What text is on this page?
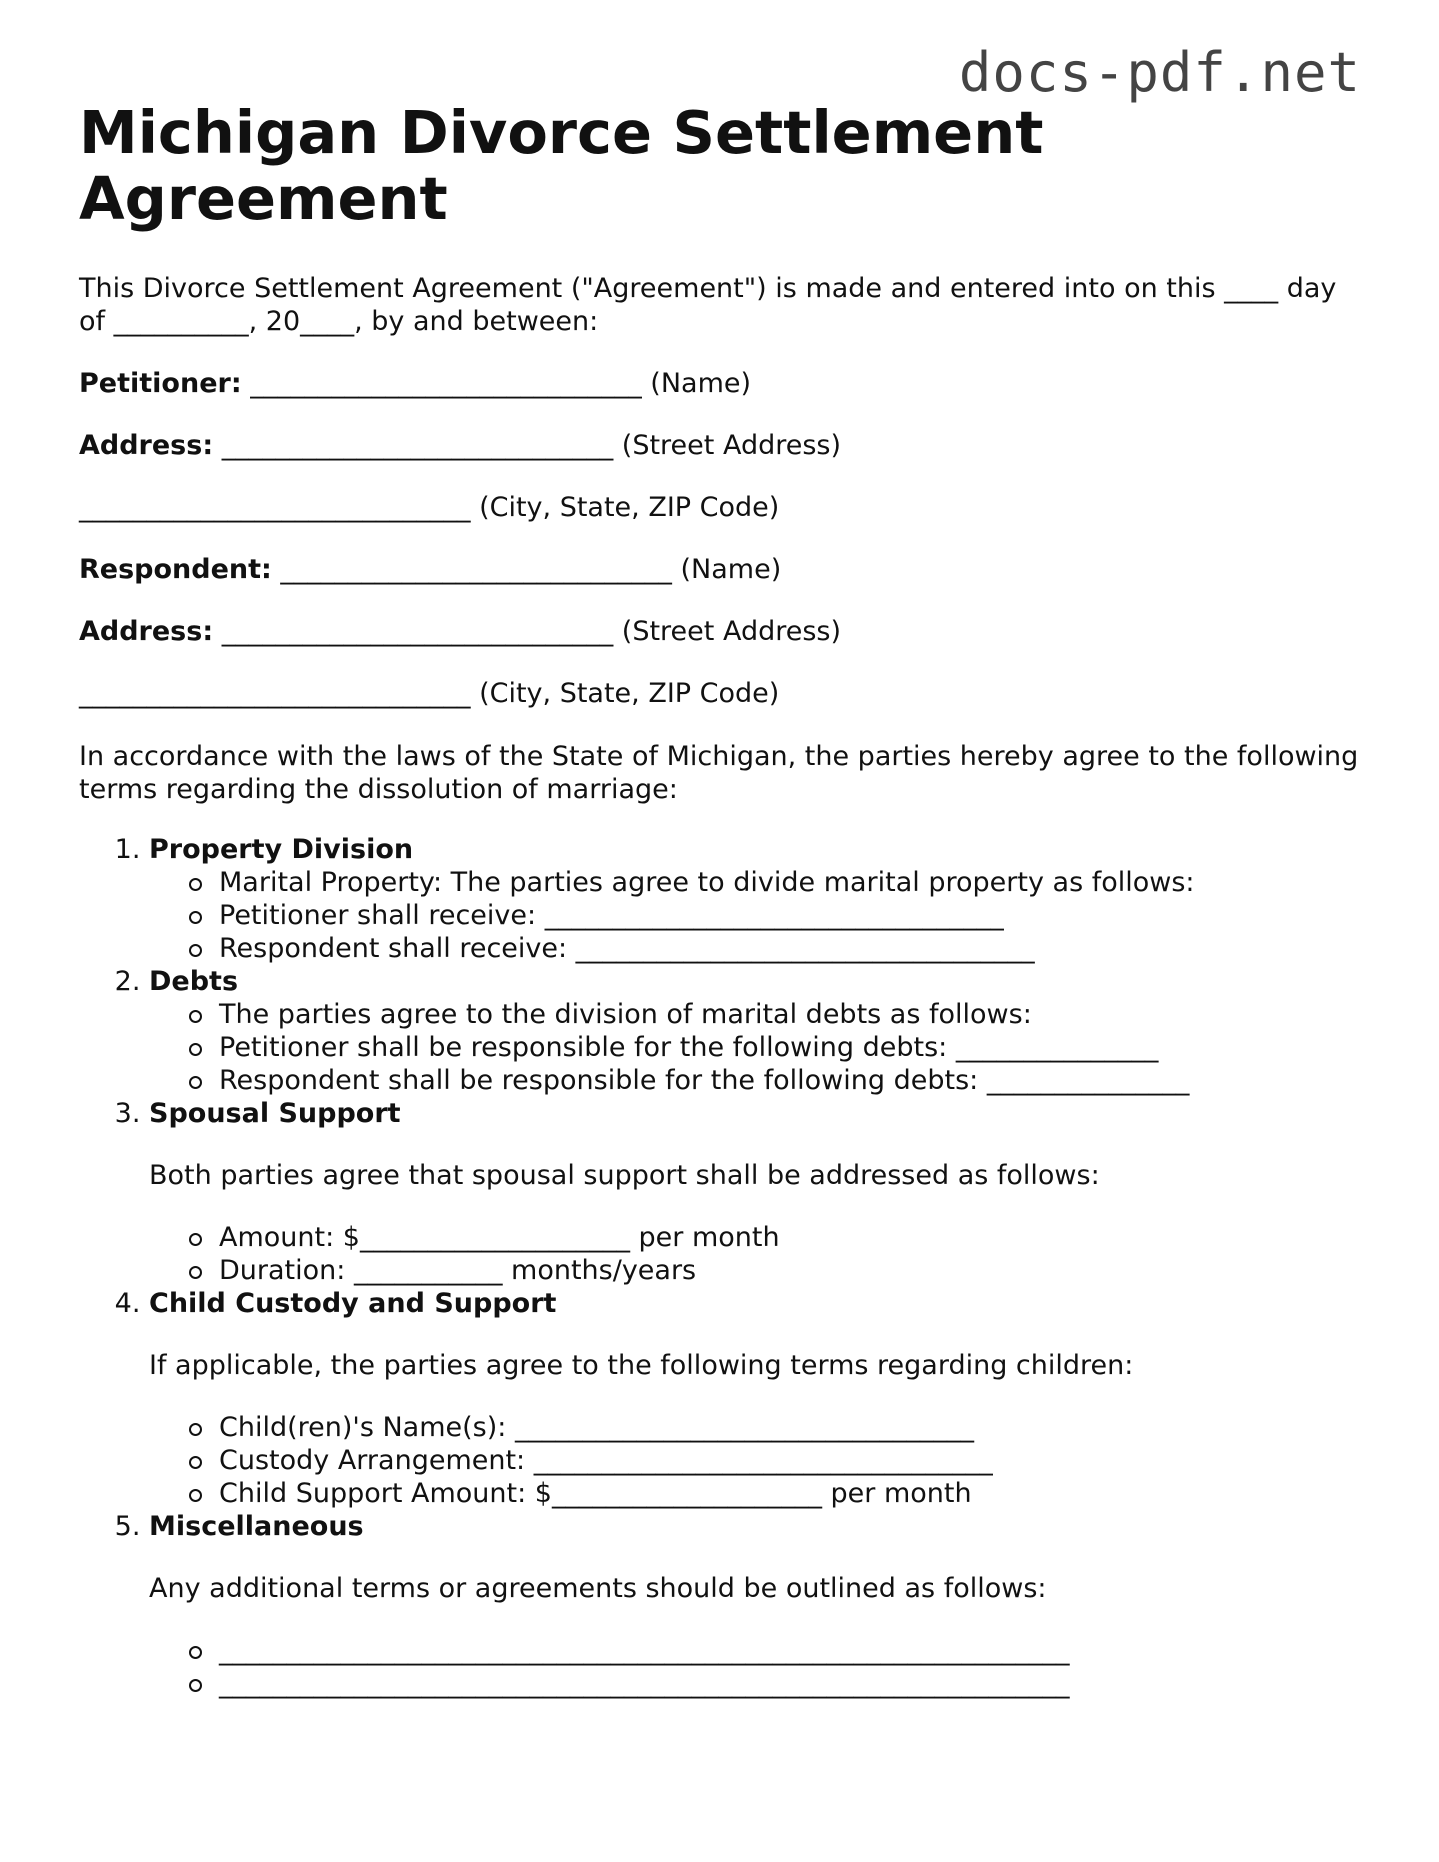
docs-pdf.net
Michigan Divorce Settlement Agreement

This Divorce Settlement Agreement ("Agreement") is made and entered into on this ____ day of __________, 20____, by and between:

Petitioner: _____________________________ (Name)

Address: _____________________________ (Street Address)

_____________________________ (City, State, ZIP Code)

Respondent: _____________________________ (Name)

Address: _____________________________ (Street Address)

_____________________________ (City, State, ZIP Code)

In accordance with the laws of the State of Michigan, the parties hereby agree to the following terms regarding the dissolution of marriage:

1. Property Division
Marital Property: The parties agree to divide marital property as follows:
Petitioner shall receive: __________________________________
Respondent shall receive: __________________________________
2. Debts
The parties agree to the division of marital debts as follows:
Petitioner shall be responsible for the following debts: _______________
Respondent shall be responsible for the following debts: _______________
3. Spousal Support

Both parties agree that spousal support shall be addressed as follows:

Amount: $____________________ per month
Duration: ___________ months/years
4. Child Custody and Support

If applicable, the parties agree to the following terms regarding children:

Child(ren)'s Name(s): __________________________________
Custody Arrangement: __________________________________
Child Support Amount: $____________________ per month
5. Miscellaneous

Any additional terms or agreements should be outlined as follows:

_______________________________________________________________
_______________________________________________________________
